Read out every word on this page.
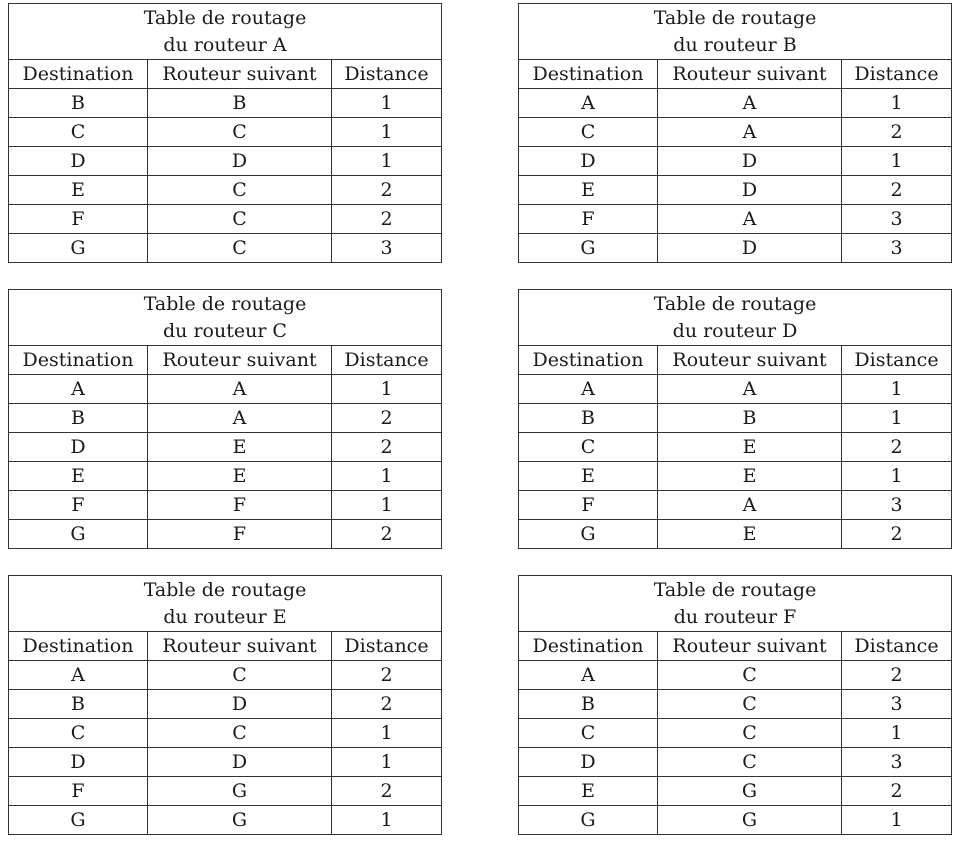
Table de routage
du routeur A		

Destination	Routeur suivant	Distance
B	B	1
C	C	1
D	D	1
E	C	2
F	C	2
G	C	3
Table de routage
du routeur B		

Destination	Routeur suivant	Distance
A	A	1
C	A	2
D	D	1
E	D	2
F	A	3
G	D	3
Table de routage
du routeur C		

Destination	Routeur suivant	Distance
A	A	1
B	A	2
D	E	2
E	E	1
F	F	1
G	F	2
Table de routage
du routeur D		

Destination	Routeur suivant	Distance
A	A	1
B	B	1
C	E	2
E	E	1
F	A	3
G	E	2
Table de routage
du routeur E		

Destination	Routeur suivant	Distance
A	C	2
B	D	2
C	C	1
D	D	1
F	G	2
G	G	1
Table de routage
du routeur F		

Destination	Routeur suivant	Distance
A	C	2
B	C	3
C	C	1
D	C	3
E	G	2
G	G	1
